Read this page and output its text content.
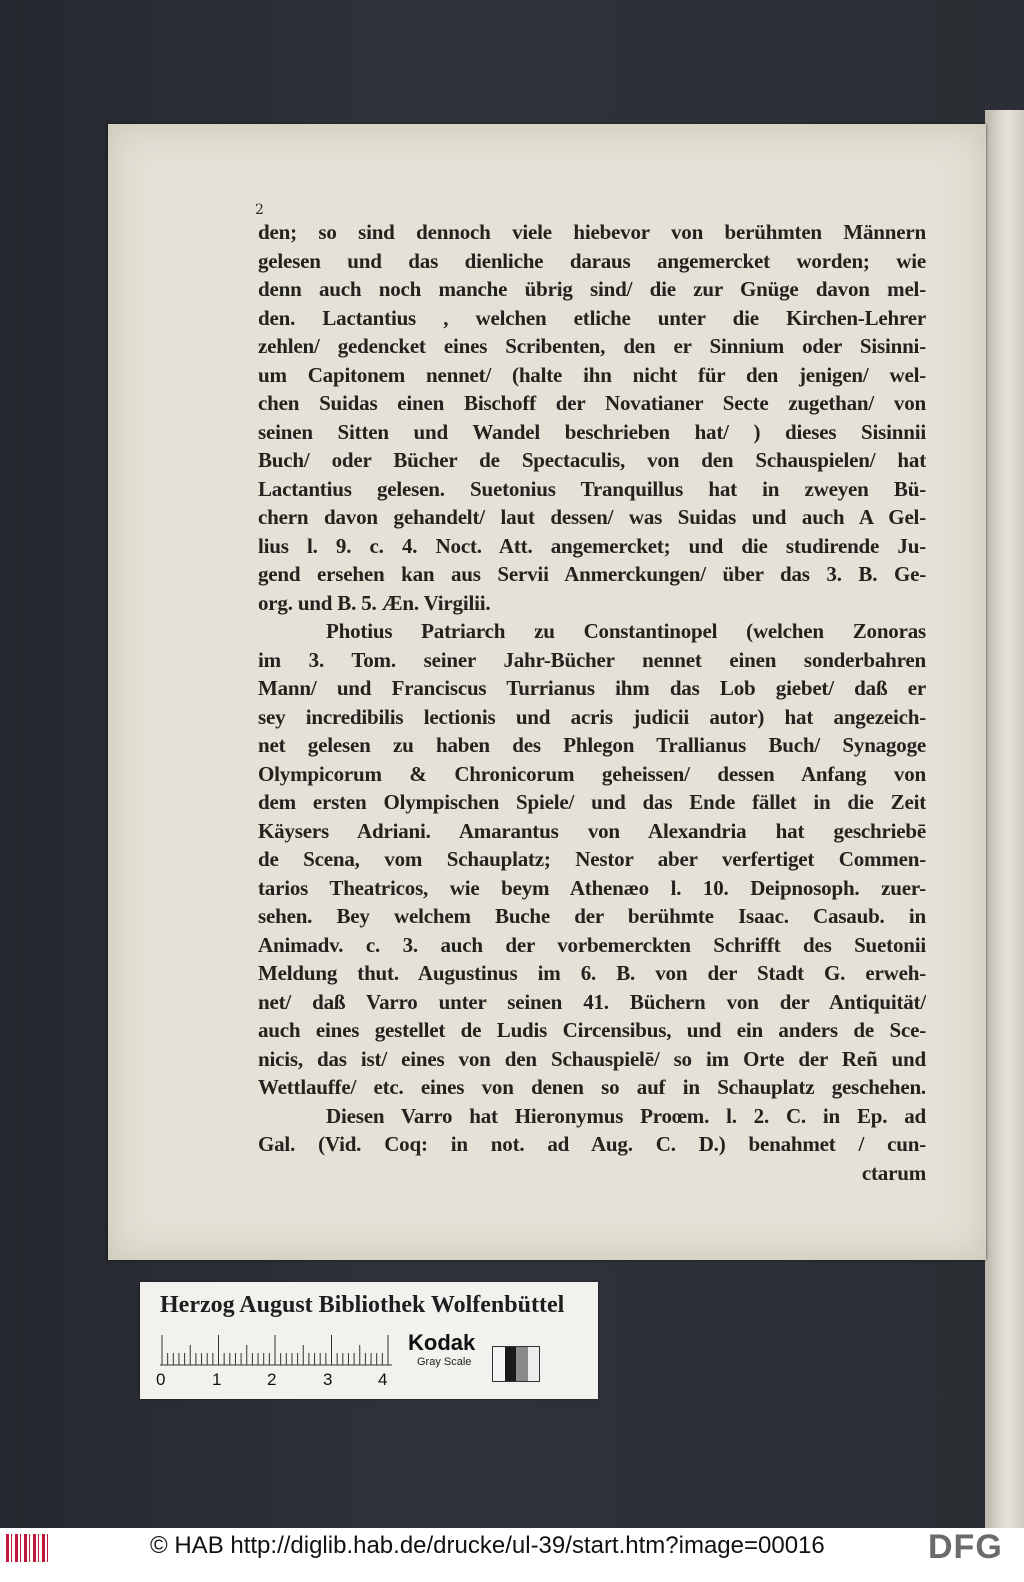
2
den; so sind dennoch viele hiebevor von berühmten Männern
gelesen und das dienliche daraus angemercket worden; wie
denn auch noch manche übrig sind/ die zur Gnüge davon mel-
den. Lactantius , welchen etliche unter die Kirchen-Lehrer
zehlen/ gedencket eines Scribenten, den er Sinnium oder Sisinni-
um Capitonem nennet/ (halte ihn nicht für den jenigen/ wel-
chen Suidas einen Bischoff der Novatianer Secte zugethan/ von
seinen Sitten und Wandel beschrieben hat/ ) dieses Sisinnii
Buch/ oder Bücher de Spectaculis, von den Schauspielen/ hat
Lactantius gelesen. Suetonius Tranquillus hat in zweyen Bü-
chern davon gehandelt/ laut dessen/ was Suidas und auch A Gel-
lius l. 9. c. 4. Noct. Att. angemercket; und die studirende Ju-
gend ersehen kan aus Servii Anmerckungen/ über das 3. B. Ge-
org. und B. 5. Æn. Virgilii.
Photius Patriarch zu Constantinopel (welchen Zonoras
im 3. Tom. seiner Jahr-Bücher nennet einen sonderbahren
Mann/ und Franciscus Turrianus ihm das Lob giebet/ daß er
sey incredibilis lectionis und acris judicii autor) hat angezeich-
net gelesen zu haben des Phlegon Trallianus Buch/ Synagoge
Olympicorum & Chronicorum geheissen/ dessen Anfang von
dem ersten Olympischen Spiele/ und das Ende fället in die Zeit
Käysers Adriani. Amarantus von Alexandria hat geschriebē
de Scena, vom Schauplatz; Nestor aber verfertiget Commen-
tarios Theatricos, wie beym Athenæo l. 10. Deipnosoph. zuer-
sehen. Bey welchem Buche der berühmte Isaac. Casaub. in
Animadv. c. 3. auch der vorbemerckten Schrifft des Suetonii
Meldung thut. Augustinus im 6. B. von der Stadt G. erweh-
net/ daß Varro unter seinen 41. Büchern von der Antiquität/
auch eines gestellet de Ludis Circensibus, und ein anders de Sce-
nicis, das ist/ eines von den Schauspielē/ so im Orte der Reñ und
Wettlauffe/ etc. eines von denen so auf in Schauplatz geschehen.
Diesen Varro hat Hieronymus Proœm. l. 2. C. in Ep. ad
Gal. (Vid. Coq: in not. ad Aug. C. D.) benahmet / cun-
ctarum
Herzog August Bibliothek Wolfenbüttel
0	1	2	3	4
Kodak
Gray Scale
© HAB http://diglib.hab.de/drucke/ul-39/start.htm?image=00016	DFG
